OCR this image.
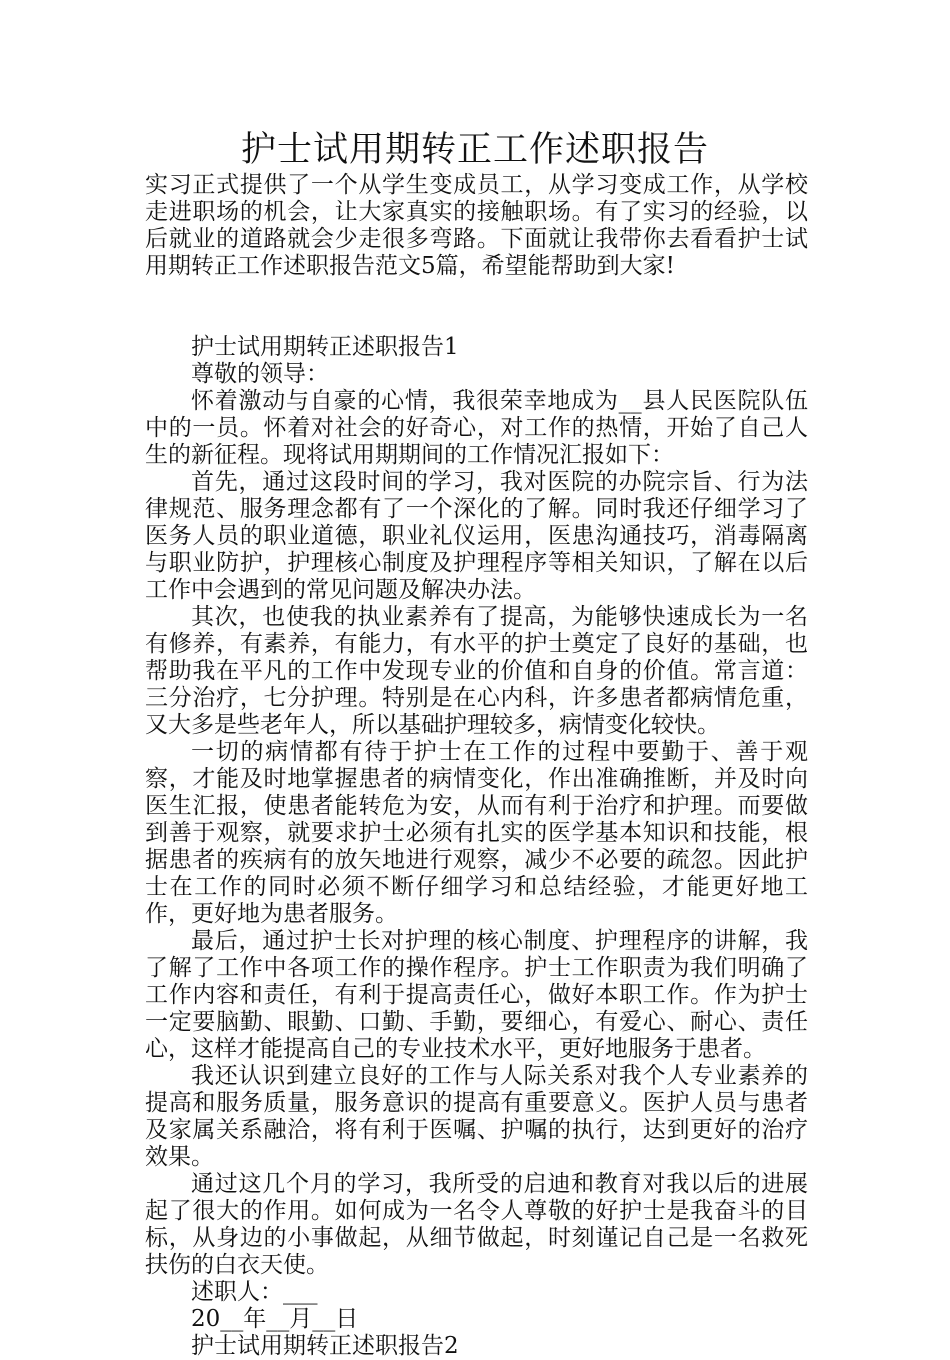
护士试用期转正工作述职报告

实习正式提供了一个从学生变成员工，从学习变成工作，从学校走进职场的机会，让大家真实的接触职场。有了实习的经验，以后就业的道路就会少走很多弯路。下面就让我带你去看看护士试用期转正工作述职报告范文5篇，希望能帮助到大家!

护士试用期转正述职报告1

尊敬的领导：

怀着激动与自豪的心情，我很荣幸地成为__县人民医院队伍中的一员。怀着对社会的好奇心，对工作的热情，开始了自己人生的新征程。现将试用期期间的工作情况汇报如下：

首先，通过这段时间的学习，我对医院的办院宗旨、行为法律规范、服务理念都有了一个深化的了解。同时我还仔细学习了医务人员的职业道德，职业礼仪运用，医患沟通技巧，消毒隔离与职业防护，护理核心制度及护理程序等相关知识，了解在以后工作中会遇到的常见问题及解决办法。

其次，也使我的执业素养有了提高，为能够快速成长为一名有修养，有素养，有能力，有水平的护士奠定了良好的基础，也帮助我在平凡的工作中发现专业的价值和自身的价值。常言道：三分治疗，七分护理。特别是在心内科，许多患者都病情危重，又大多是些老年人，所以基础护理较多，病情变化较快。

一切的病情都有待于护士在工作的过程中要勤于、善于观察，才能及时地掌握患者的病情变化，作出准确推断，并及时向医生汇报，使患者能转危为安，从而有利于治疗和护理。而要做到善于观察，就要求护士必须有扎实的医学基本知识和技能，根据患者的疾病有的放矢地进行观察，减少不必要的疏忽。因此护士在工作的同时必须不断仔细学习和总结经验，才能更好地工作，更好地为患者服务。

最后，通过护士长对护理的核心制度、护理程序的讲解，我了解了工作中各项工作的操作程序。护士工作职责为我们明确了工作内容和责任，有利于提高责任心，做好本职工作。作为护士一定要脑勤、眼勤、口勤、手勤，要细心，有爱心、耐心、责任心，这样才能提高自己的专业技术水平，更好地服务于患者。

我还认识到建立良好的工作与人际关系对我个人专业素养的提高和服务质量，服务意识的提高有重要意义。医护人员与患者及家属关系融洽，将有利于医嘱、护嘱的执行，达到更好的治疗效果。

通过这几个月的学习，我所受的启迪和教育对我以后的进展起了很大的作用。如何成为一名令人尊敬的好护士是我奋斗的目标，从身边的小事做起，从细节做起，时刻谨记自己是一名救死扶伤的白衣天使。

述职人：___

20__年__月__日

护士试用期转正述职报告2
